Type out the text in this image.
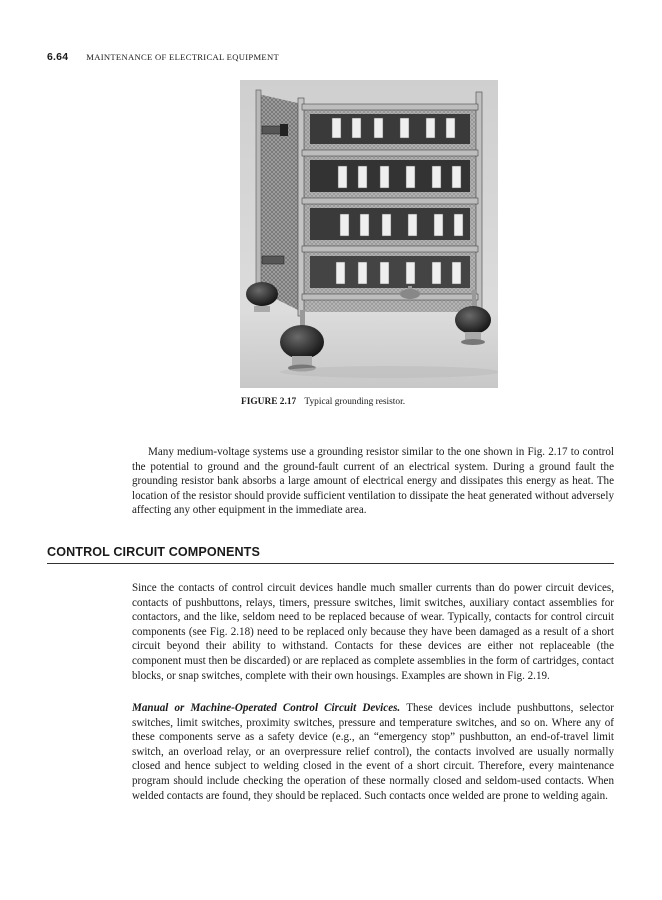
6.64 MAINTENANCE OF ELECTRICAL EQUIPMENT
FIGURE 2.17 Typical grounding resistor.

Many medium-voltage systems use a grounding resistor similar to the one shown in Fig. 2.17 to control the potential to ground and the ground-fault current of an electrical system. During a ground fault the grounding resistor bank absorbs a large amount of electrical energy and dissipates this energy as heat. The location of the resistor should provide sufficient ventilation to dissipate the heat generated without adversely affecting any other equipment in the immediate area.

CONTROL CIRCUIT COMPONENTS

Since the contacts of control circuit devices handle much smaller currents than do power circuit devices, contacts of pushbuttons, relays, timers, pressure switches, limit switches, auxiliary contact assemblies for contactors, and the like, seldom need to be replaced because of wear. Typically, contacts for control circuit components (see Fig. 2.18) need to be replaced only because they have been damaged as a result of a short circuit beyond their ability to withstand. Contacts for these devices are either not replaceable (the component must then be discarded) or are replaced as complete assemblies in the form of cartridges, contact blocks, or snap switches, complete with their own housings. Examples are shown in Fig. 2.19.

Manual or Machine-Operated Control Circuit Devices. These devices include pushbuttons, selector switches, limit switches, proximity switches, pressure and temperature switches, and so on. Where any of these components serve as a safety device (e.g., an “emergency stop” pushbutton, an end-of-travel limit switch, an overload relay, or an overpressure relief control), the contacts involved are usually normally closed and hence subject to welding closed in the event of a short circuit. Therefore, every maintenance program should include checking the operation of these normally closed and seldom-used contacts. When welded contacts are found, they should be replaced. Such contacts once welded are prone to welding again.
